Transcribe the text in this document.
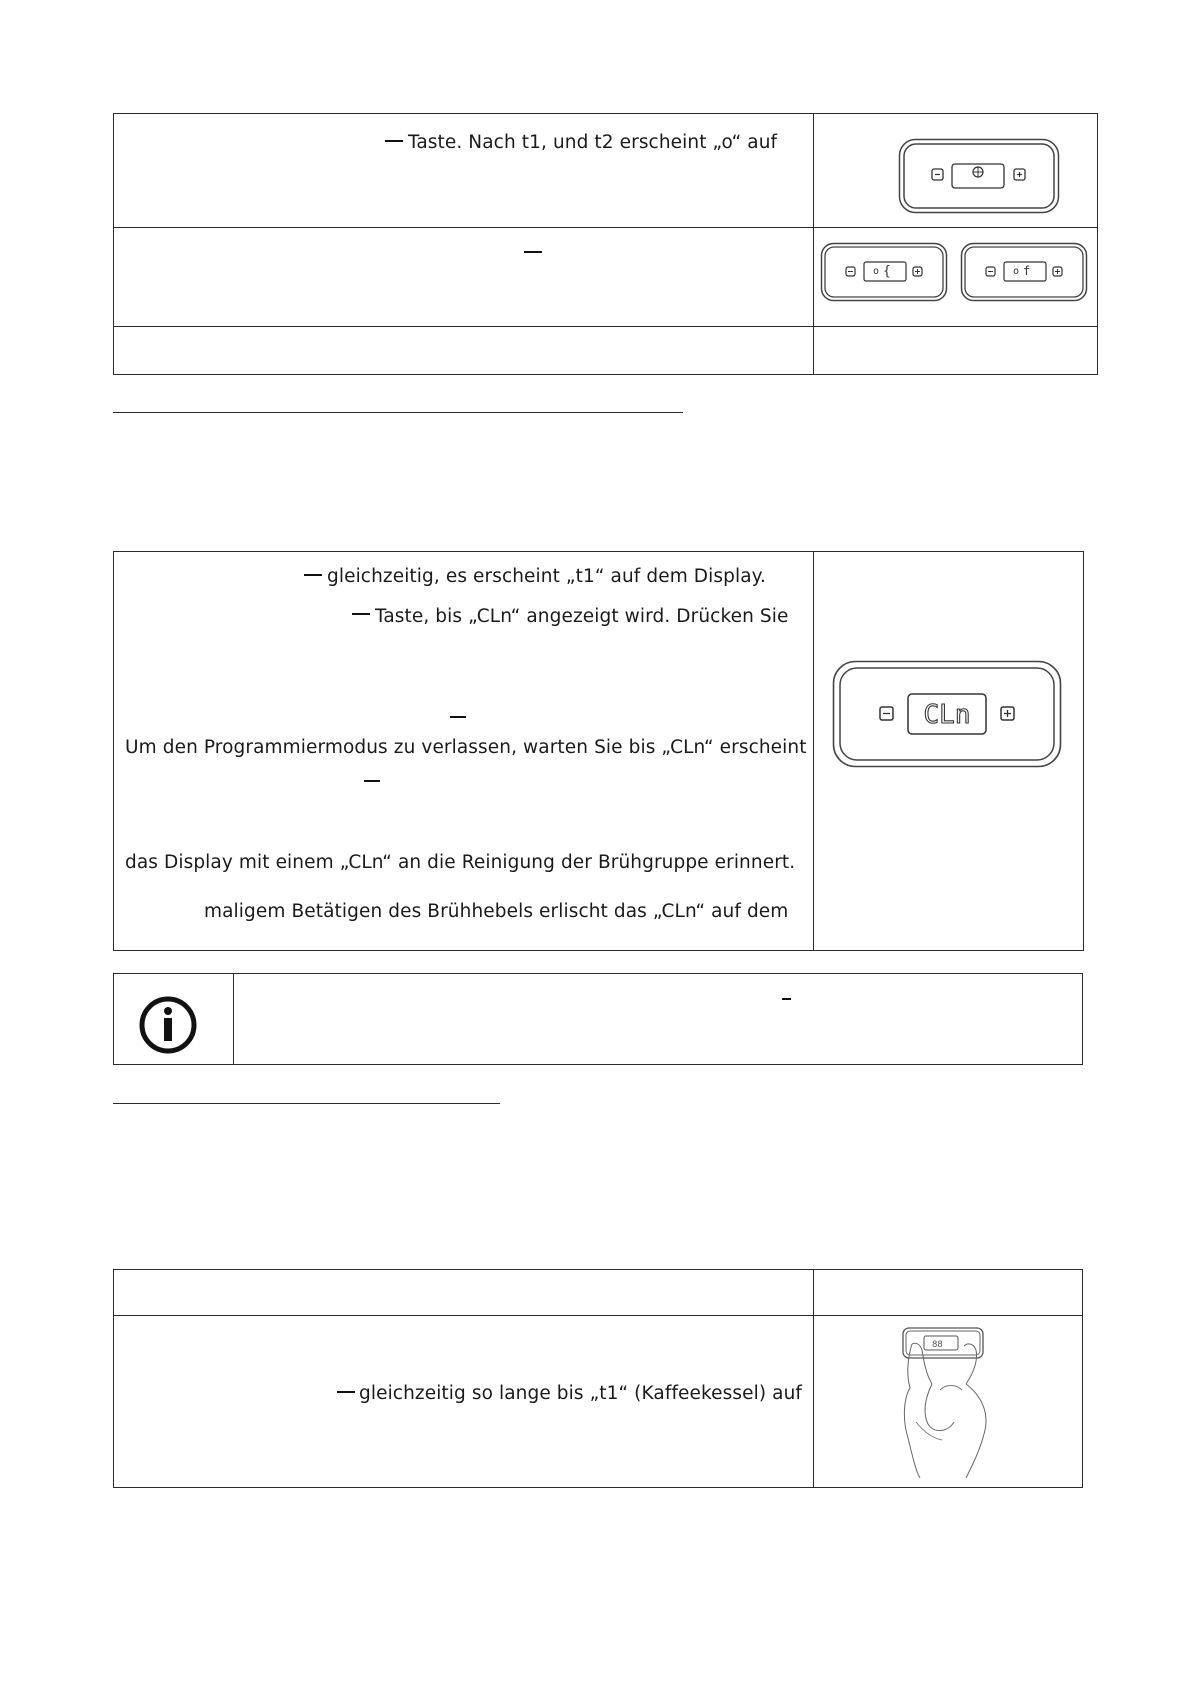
Taste. Nach t1, und t2 erscheint „o“ auf
o {	o f
gleichzeitig, es erscheint „t1“ auf dem Display.
Taste, bis „CLn“ angezeigt wird. Drücken Sie
Um den Programmiermodus zu verlassen, warten Sie bis „CLn“ erscheint
das Display mit einem „CLn“ an die Reinigung der Brühgruppe erinnert.
maligem Betätigen des Brühhebels erlischt das „CLn“ auf dem
CLn
gleichzeitig so lange bis „t1“ (Kaffeekessel) auf
88
